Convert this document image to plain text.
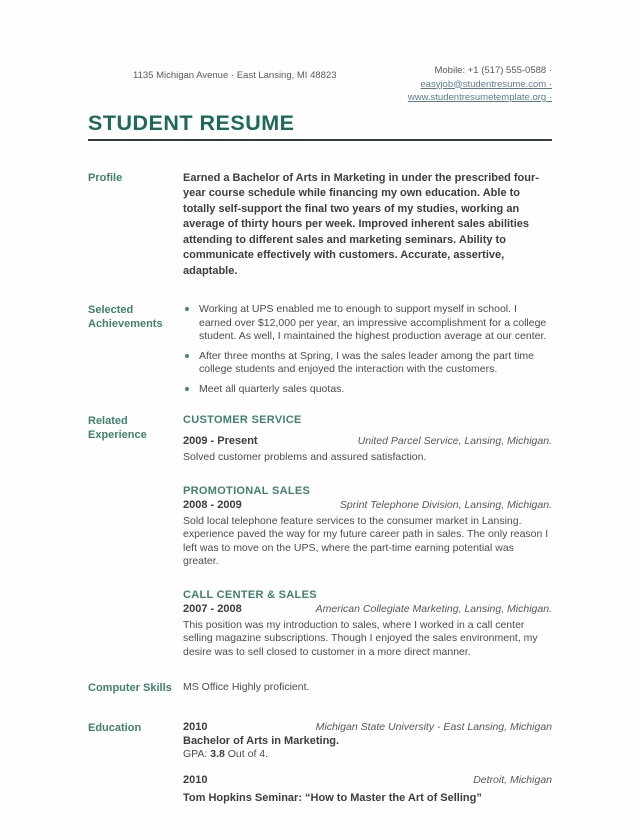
1135 Michigan Avenue · East Lansing, MI 48823	Mobile: +1 (517) 555-0588 ·
easyjob@studentresume.com ·
www.studentresumetemplate.org ·
STUDENT RESUME
Profile	Earned a Bachelor of Arts in Marketing in under the prescribed four-year course schedule while financing my own education. Able to totally self-support the final two years of my studies, working an average of thirty hours per week. Improved inherent sales abilities attending to different sales and marketing seminars. Ability to communicate effectively with customers. Accurate, assertive, adaptable.
Selected Achievements
Working at UPS enabled me to enough to support myself in school. I earned over $12,000 per year, an impressive accomplishment for a college student. As well, I maintained the highest production average at our center.
After three months at Spring, I was the sales leader among the part time college students and enjoyed the interaction with the customers.
Meet all quarterly sales quotas.
Related Experience
CUSTOMER SERVICE
2009 - Present	United Parcel Service, Lansing, Michigan.
Solved customer problems and assured satisfaction.
PROMOTIONAL SALES
2008 - 2009	Sprint Telephone Division, Lansing, Michigan.
Sold local telephone feature services to the consumer market in Lansing. experience paved the way for my future career path in sales. The only reason I left was to move on the UPS, where the part-time earning potential was greater.
CALL CENTER & SALES
2007 - 2008	American Collegiate Marketing, Lansing, Michigan.
This position was my introduction to sales, where I worked in a call center selling magazine subscriptions. Though I enjoyed the sales environment, my desire was to sell closed to customer in a more direct manner.
Computer Skills	MS Office Highly proficient.
Education	2010	Michigan State University - East Lansing, Michigan
Bachelor of Arts in Marketing.
GPA: 3.8 Out of 4.
2010	Detroit, Michigan
Tom Hopkins Seminar: “How to Master the Art of Selling”
